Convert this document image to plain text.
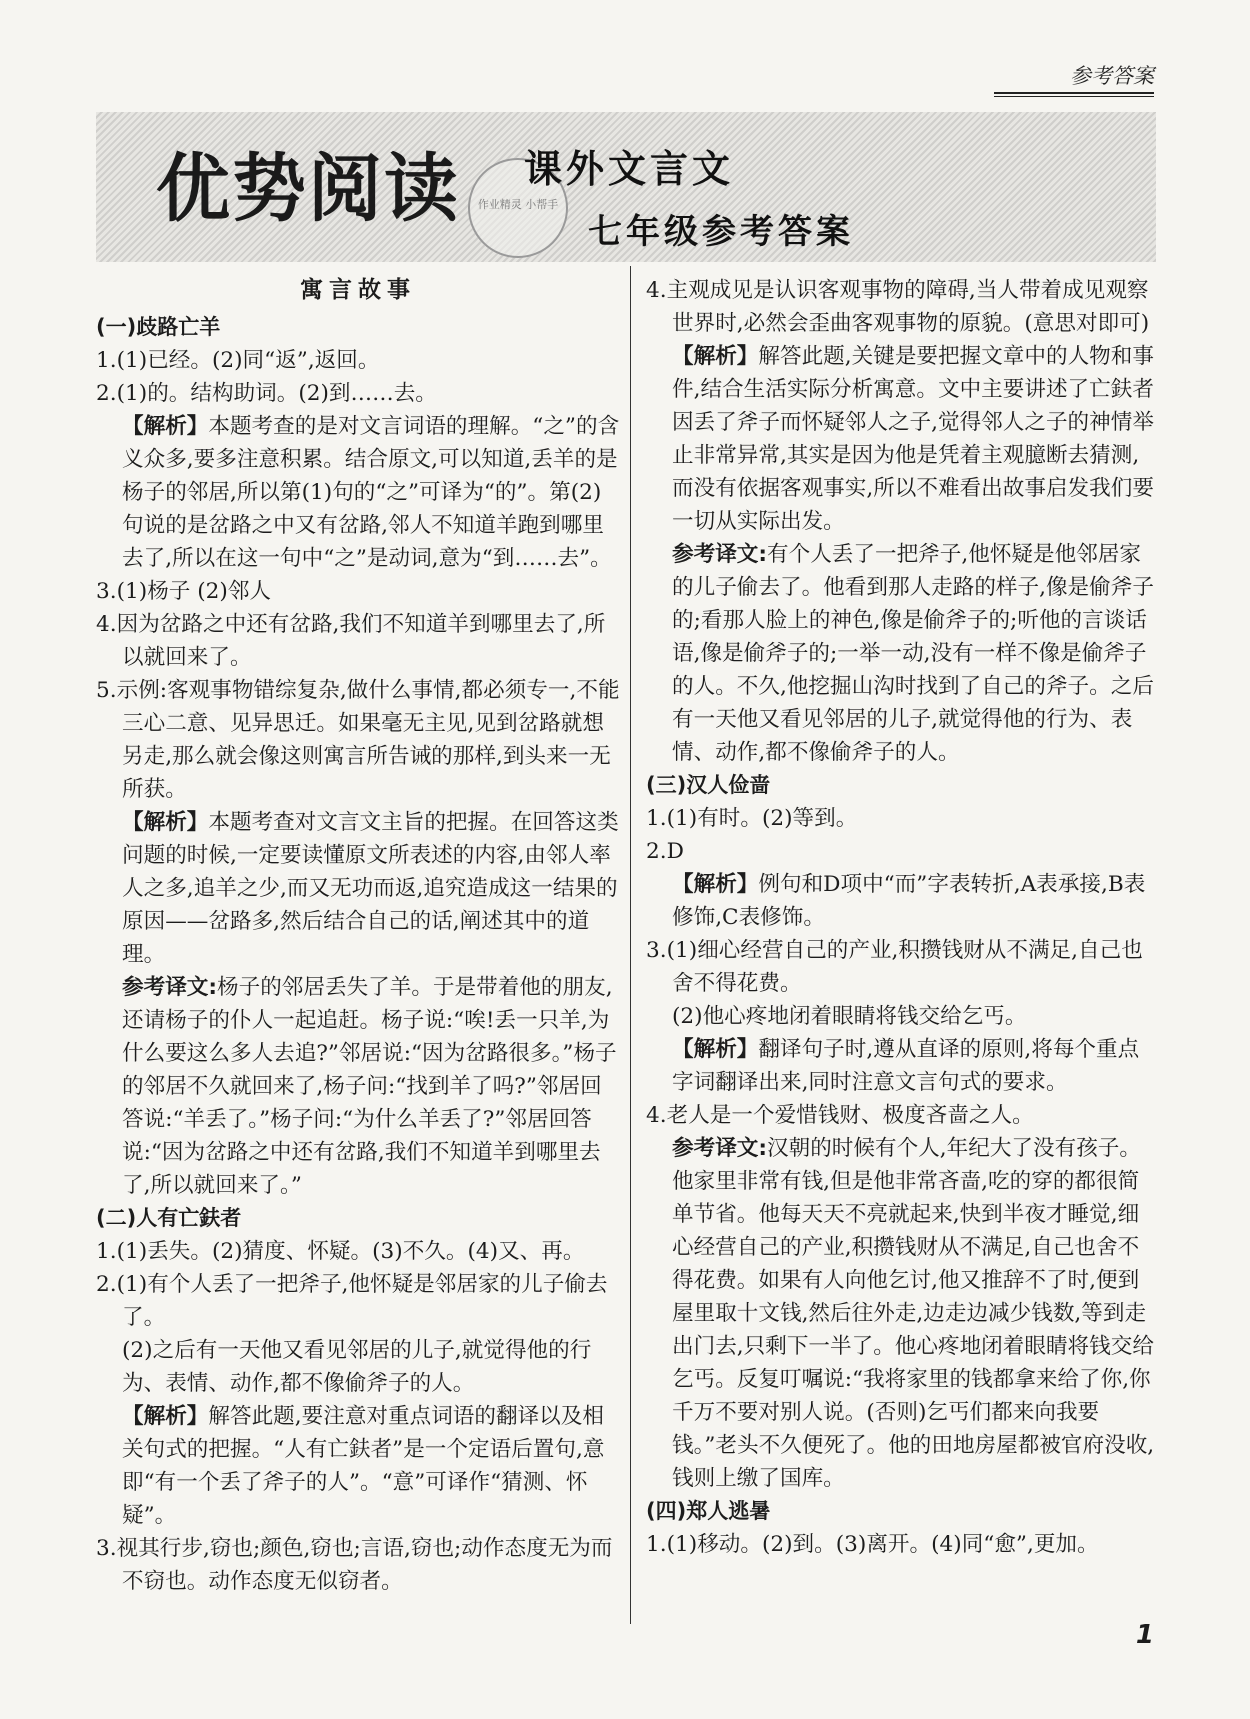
参考答案
优势阅读	作业精灵 小帮手
课外文言文
七年级参考答案
寓言故事
(一)歧路亡羊
1.(1)已经。(2)同“返”,返回。
2.(1)的。结构助词。(2)到……去。
【解析】本题考查的是对文言词语的理解。“之”的含义众多,要多注意积累。结合原文,可以知道,丢羊的是杨子的邻居,所以第(1)句的“之”可译为“的”。第(2)句说的是岔路之中又有岔路,邻人不知道羊跑到哪里去了,所以在这一句中“之”是动词,意为“到……去”。
3.(1)杨子 (2)邻人
4.因为岔路之中还有岔路,我们不知道羊到哪里去了,所以就回来了。
5.示例:客观事物错综复杂,做什么事情,都必须专一,不能三心二意、见异思迁。如果毫无主见,见到岔路就想另走,那么就会像这则寓言所告诫的那样,到头来一无所获。
【解析】本题考查对文言文主旨的把握。在回答这类问题的时候,一定要读懂原文所表述的内容,由邻人率人之多,追羊之少,而又无功而返,追究造成这一结果的原因——岔路多,然后结合自己的话,阐述其中的道理。
参考译文:杨子的邻居丢失了羊。于是带着他的朋友,还请杨子的仆人一起追赶。杨子说:“唉!丢一只羊,为什么要这么多人去追?”邻居说:“因为岔路很多。”杨子的邻居不久就回来了,杨子问:“找到羊了吗?”邻居回答说:“羊丢了。”杨子问:“为什么羊丢了?”邻居回答说:“因为岔路之中还有岔路,我们不知道羊到哪里去了,所以就回来了。”
(二)人有亡鈇者
1.(1)丢失。(2)猜度、怀疑。(3)不久。(4)又、再。
2.(1)有个人丢了一把斧子,他怀疑是邻居家的儿子偷去了。
(2)之后有一天他又看见邻居的儿子,就觉得他的行为、表情、动作,都不像偷斧子的人。
【解析】解答此题,要注意对重点词语的翻译以及相关句式的把握。“人有亡鈇者”是一个定语后置句,意即“有一个丢了斧子的人”。“意”可译作“猜测、怀疑”。
3.视其行步,窃也;颜色,窃也;言语,窃也;动作态度无为而不窃也。动作态度无似窃者。
4.主观成见是认识客观事物的障碍,当人带着成见观察世界时,必然会歪曲客观事物的原貌。(意思对即可)
【解析】解答此题,关键是要把握文章中的人物和事件,结合生活实际分析寓意。文中主要讲述了亡鈇者因丢了斧子而怀疑邻人之子,觉得邻人之子的神情举止非常异常,其实是因为他是凭着主观臆断去猜测,而没有依据客观事实,所以不难看出故事启发我们要一切从实际出发。
参考译文:有个人丢了一把斧子,他怀疑是他邻居家的儿子偷去了。他看到那人走路的样子,像是偷斧子的;看那人脸上的神色,像是偷斧子的;听他的言谈话语,像是偷斧子的;一举一动,没有一样不像是偷斧子的人。不久,他挖掘山沟时找到了自己的斧子。之后有一天他又看见邻居的儿子,就觉得他的行为、表情、动作,都不像偷斧子的人。
(三)汉人俭啬
1.(1)有时。(2)等到。
2.D
【解析】例句和D项中“而”字表转折,A表承接,B表修饰,C表修饰。
3.(1)细心经营自己的产业,积攒钱财从不满足,自己也舍不得花费。
(2)他心疼地闭着眼睛将钱交给乞丐。
【解析】翻译句子时,遵从直译的原则,将每个重点字词翻译出来,同时注意文言句式的要求。
4.老人是一个爱惜钱财、极度吝啬之人。
参考译文:汉朝的时候有个人,年纪大了没有孩子。他家里非常有钱,但是他非常吝啬,吃的穿的都很简单节省。他每天天不亮就起来,快到半夜才睡觉,细心经营自己的产业,积攒钱财从不满足,自己也舍不得花费。如果有人向他乞讨,他又推辞不了时,便到屋里取十文钱,然后往外走,边走边减少钱数,等到走出门去,只剩下一半了。他心疼地闭着眼睛将钱交给乞丐。反复叮嘱说:“我将家里的钱都拿来给了你,你千万不要对别人说。(否则)乞丐们都来向我要钱。”老头不久便死了。他的田地房屋都被官府没收,钱则上缴了国库。
(四)郑人逃暑
1.(1)移动。(2)到。(3)离开。(4)同“愈”,更加。
1
